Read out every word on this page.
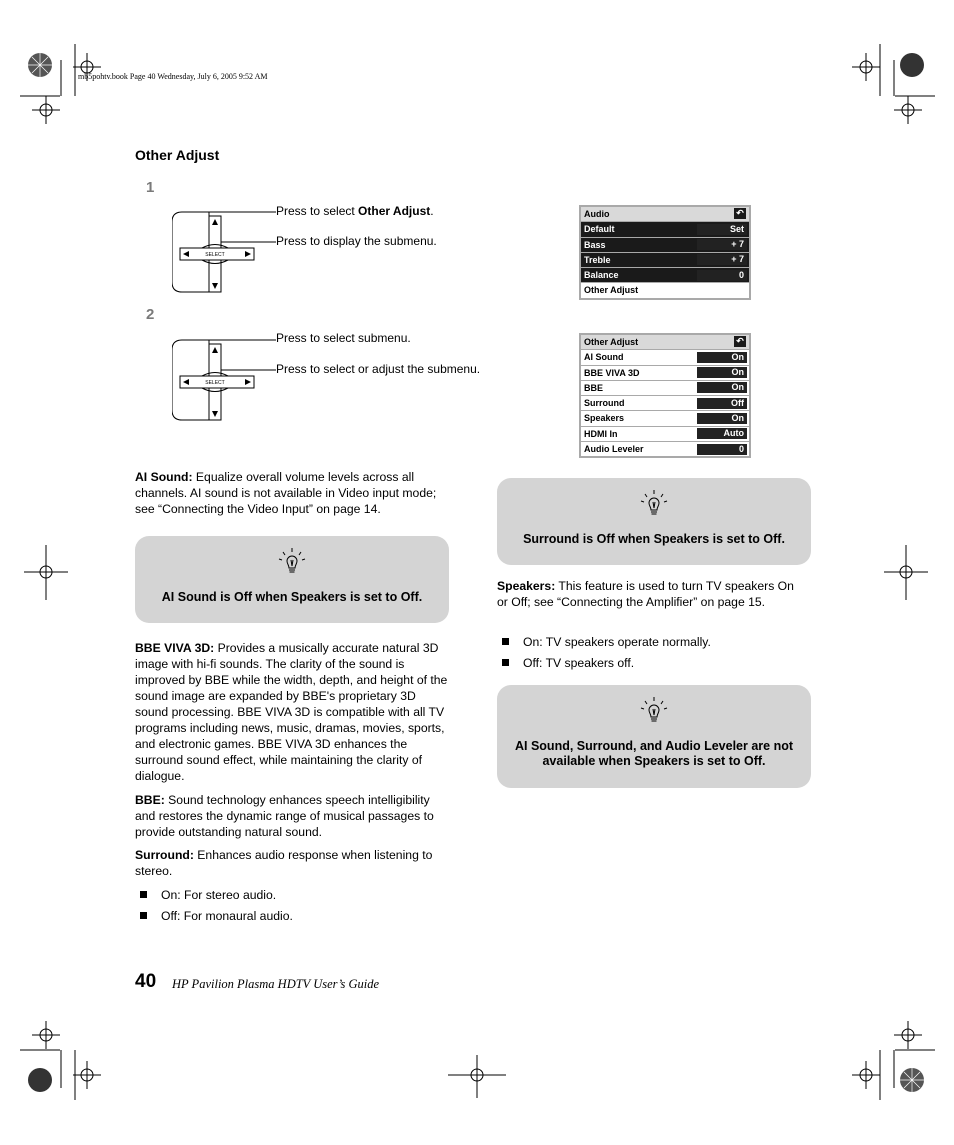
mb5pohtv.book Page 40 Wednesday, July 6, 2005 9:52 AM
Other Adjust
1
SELECT
Press to select Other Adjust.
Press to display the submenu.
Audio	↶
Default	Set
Bass	+ 7
Treble	+ 7
Balance	0
Other Adjust
2
SELECT
Press to select submenu.
Press to select or adjust the submenu.
Other Adjust	↶
AI Sound	On
BBE VIVA 3D	On
BBE	On
Surround	Off
Speakers	On
HDMI In	Auto
Audio Leveler	0
AI Sound: Equalize overall volume levels across all channels. AI sound is not available in Video input mode; see “Connecting the Video Input” on page 14.
AI Sound is Off when Speakers is set to Off.
BBE VIVA 3D: Provides a musically accurate natural 3D image with hi-fi sounds. The clarity of the sound is improved by BBE while the width, depth, and height of the sound image are expanded by BBE's proprietary 3D sound processing. BBE VIVA 3D is compatible with all TV programs including news, music, dramas, movies, sports, and electronic games. BBE VIVA 3D enhances the surround sound effect, while maintaining the clarity of dialogue.
BBE: Sound technology enhances speech intelligibility and restores the dynamic range of musical passages to provide outstanding natural sound.
Surround: Enhances audio response when listening to stereo.
On: For stereo audio.
Off: For monaural audio.
Surround is Off when Speakers is set to Off.
Speakers: This feature is used to turn TV speakers On or Off; see “Connecting the Amplifier” on page 15.
On: TV speakers operate normally.
Off: TV speakers off.
AI Sound, Surround, and Audio Leveler are not available when Speakers is set to Off.
40 HP Pavilion Plasma HDTV User’s Guide
